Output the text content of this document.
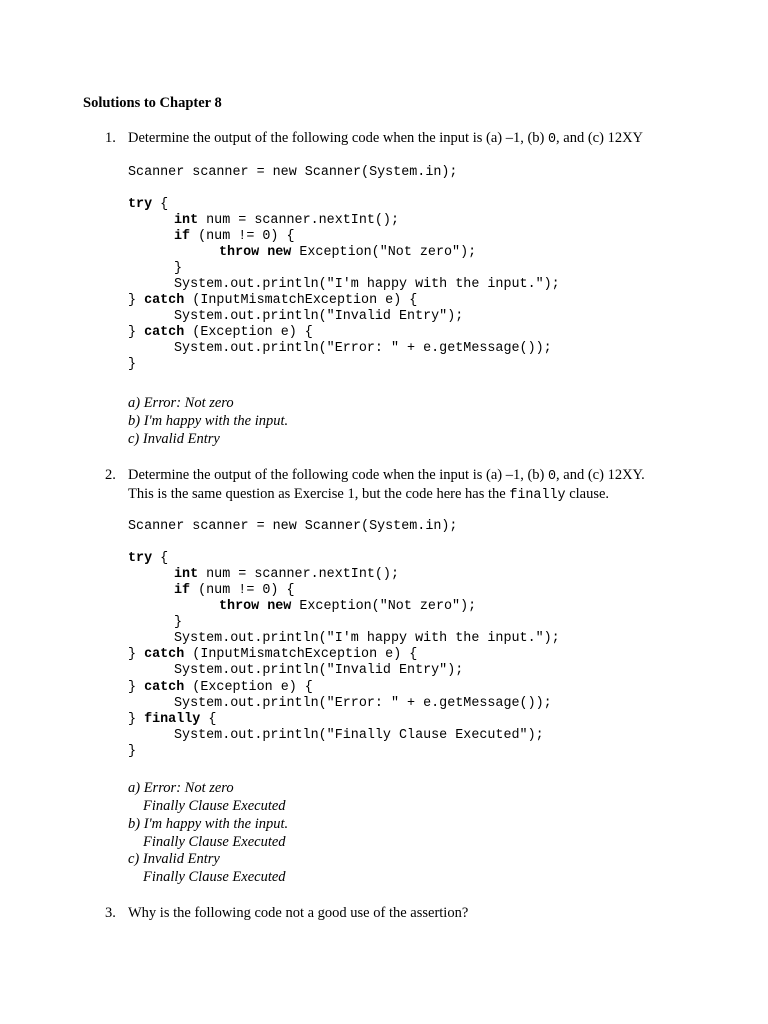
Solutions to Chapter 8
1. Determine the output of the following code when the input is (a) –1, (b) 0, and (c) 12XY
Scanner scanner = new Scanner(System.in);
try {
int num = scanner.nextInt();
if (num != 0) {
throw new Exception("Not zero");
}
System.out.println("I'm happy with the input.");
} catch (InputMismatchException e) {
System.out.println("Invalid Entry");
} catch (Exception e) {
System.out.println("Error: " + e.getMessage());
}
a) Error: Not zero
b) I'm happy with the input.
c) Invalid Entry
2. Determine the output of the following code when the input is (a) –1, (b) 0, and (c) 12XY.
This is the same question as Exercise 1, but the code here has the finally clause.
Scanner scanner = new Scanner(System.in);
try {
int num = scanner.nextInt();
if (num != 0) {
throw new Exception("Not zero");
}
System.out.println("I'm happy with the input.");
} catch (InputMismatchException e) {
System.out.println("Invalid Entry");
} catch (Exception e) {
System.out.println("Error: " + e.getMessage());
} finally {
System.out.println("Finally Clause Executed");
}
a) Error: Not zero
Finally Clause Executed
b) I'm happy with the input.
Finally Clause Executed
c) Invalid Entry
Finally Clause Executed
3. Why is the following code not a good use of the assertion?
